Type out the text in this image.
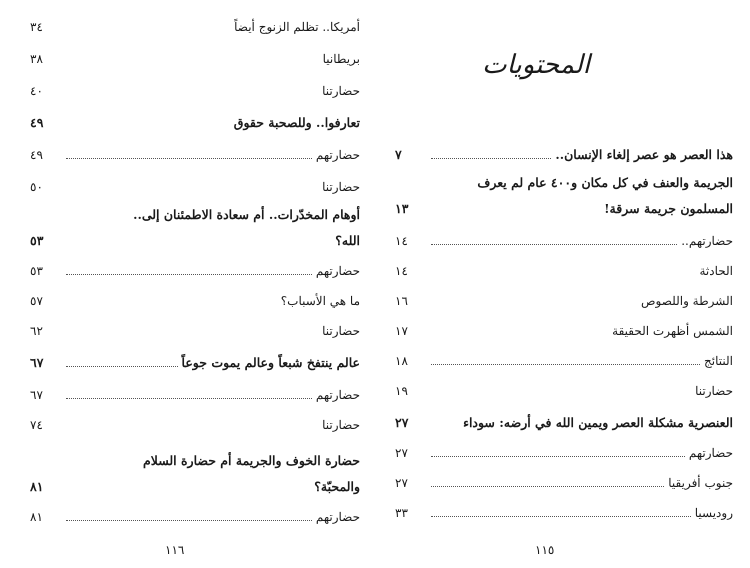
أمريكا.. تظلم الزنوج أيضاً
٣٤
بريطانيا
٣٨
حضارتنا
٤٠
تعارفوا.. وللصحبة حقوق
٤٩
حضارتهم
٤٩
حضارتنا
٥٠
أوهام المخدّرات.. أم سعادة الاطمئنان إلى..
الله؟
٥٣
حضارتهم
٥٣
ما هي الأسباب؟
٥٧
حضارتنا
٦٢
عالم ينتفخ شبعاً وعالم يموت جوعاً
٦٧
حضارتهم
٦٧
حضارتنا
٧٤
حضارة الخوف والجريمة أم حضارة السلام
والمحبّة؟
٨١
حضارتهم
٨١
هذا العصر هو عصر إلغاء الإنسان..
٧
الجريمة والعنف في كل مكان و٤٠٠ عام لم يعرف
المسلمون جريمة سرقة!
١٣
حضارتهم..
١٤
الحادثة
١٤
الشرطة واللصوص
١٦
الشمس أظهرت الحقيقة
١٧
النتائج
١٨
حضارتنا
١٩
العنصرية مشكلة العصر ويمين الله في أرضه: سوداء
٢٧
حضارتهم
٢٧
جنوب أفريقيا
٢٧
روديسيا
٣٣
المحتويات
١١٦	١١٥
